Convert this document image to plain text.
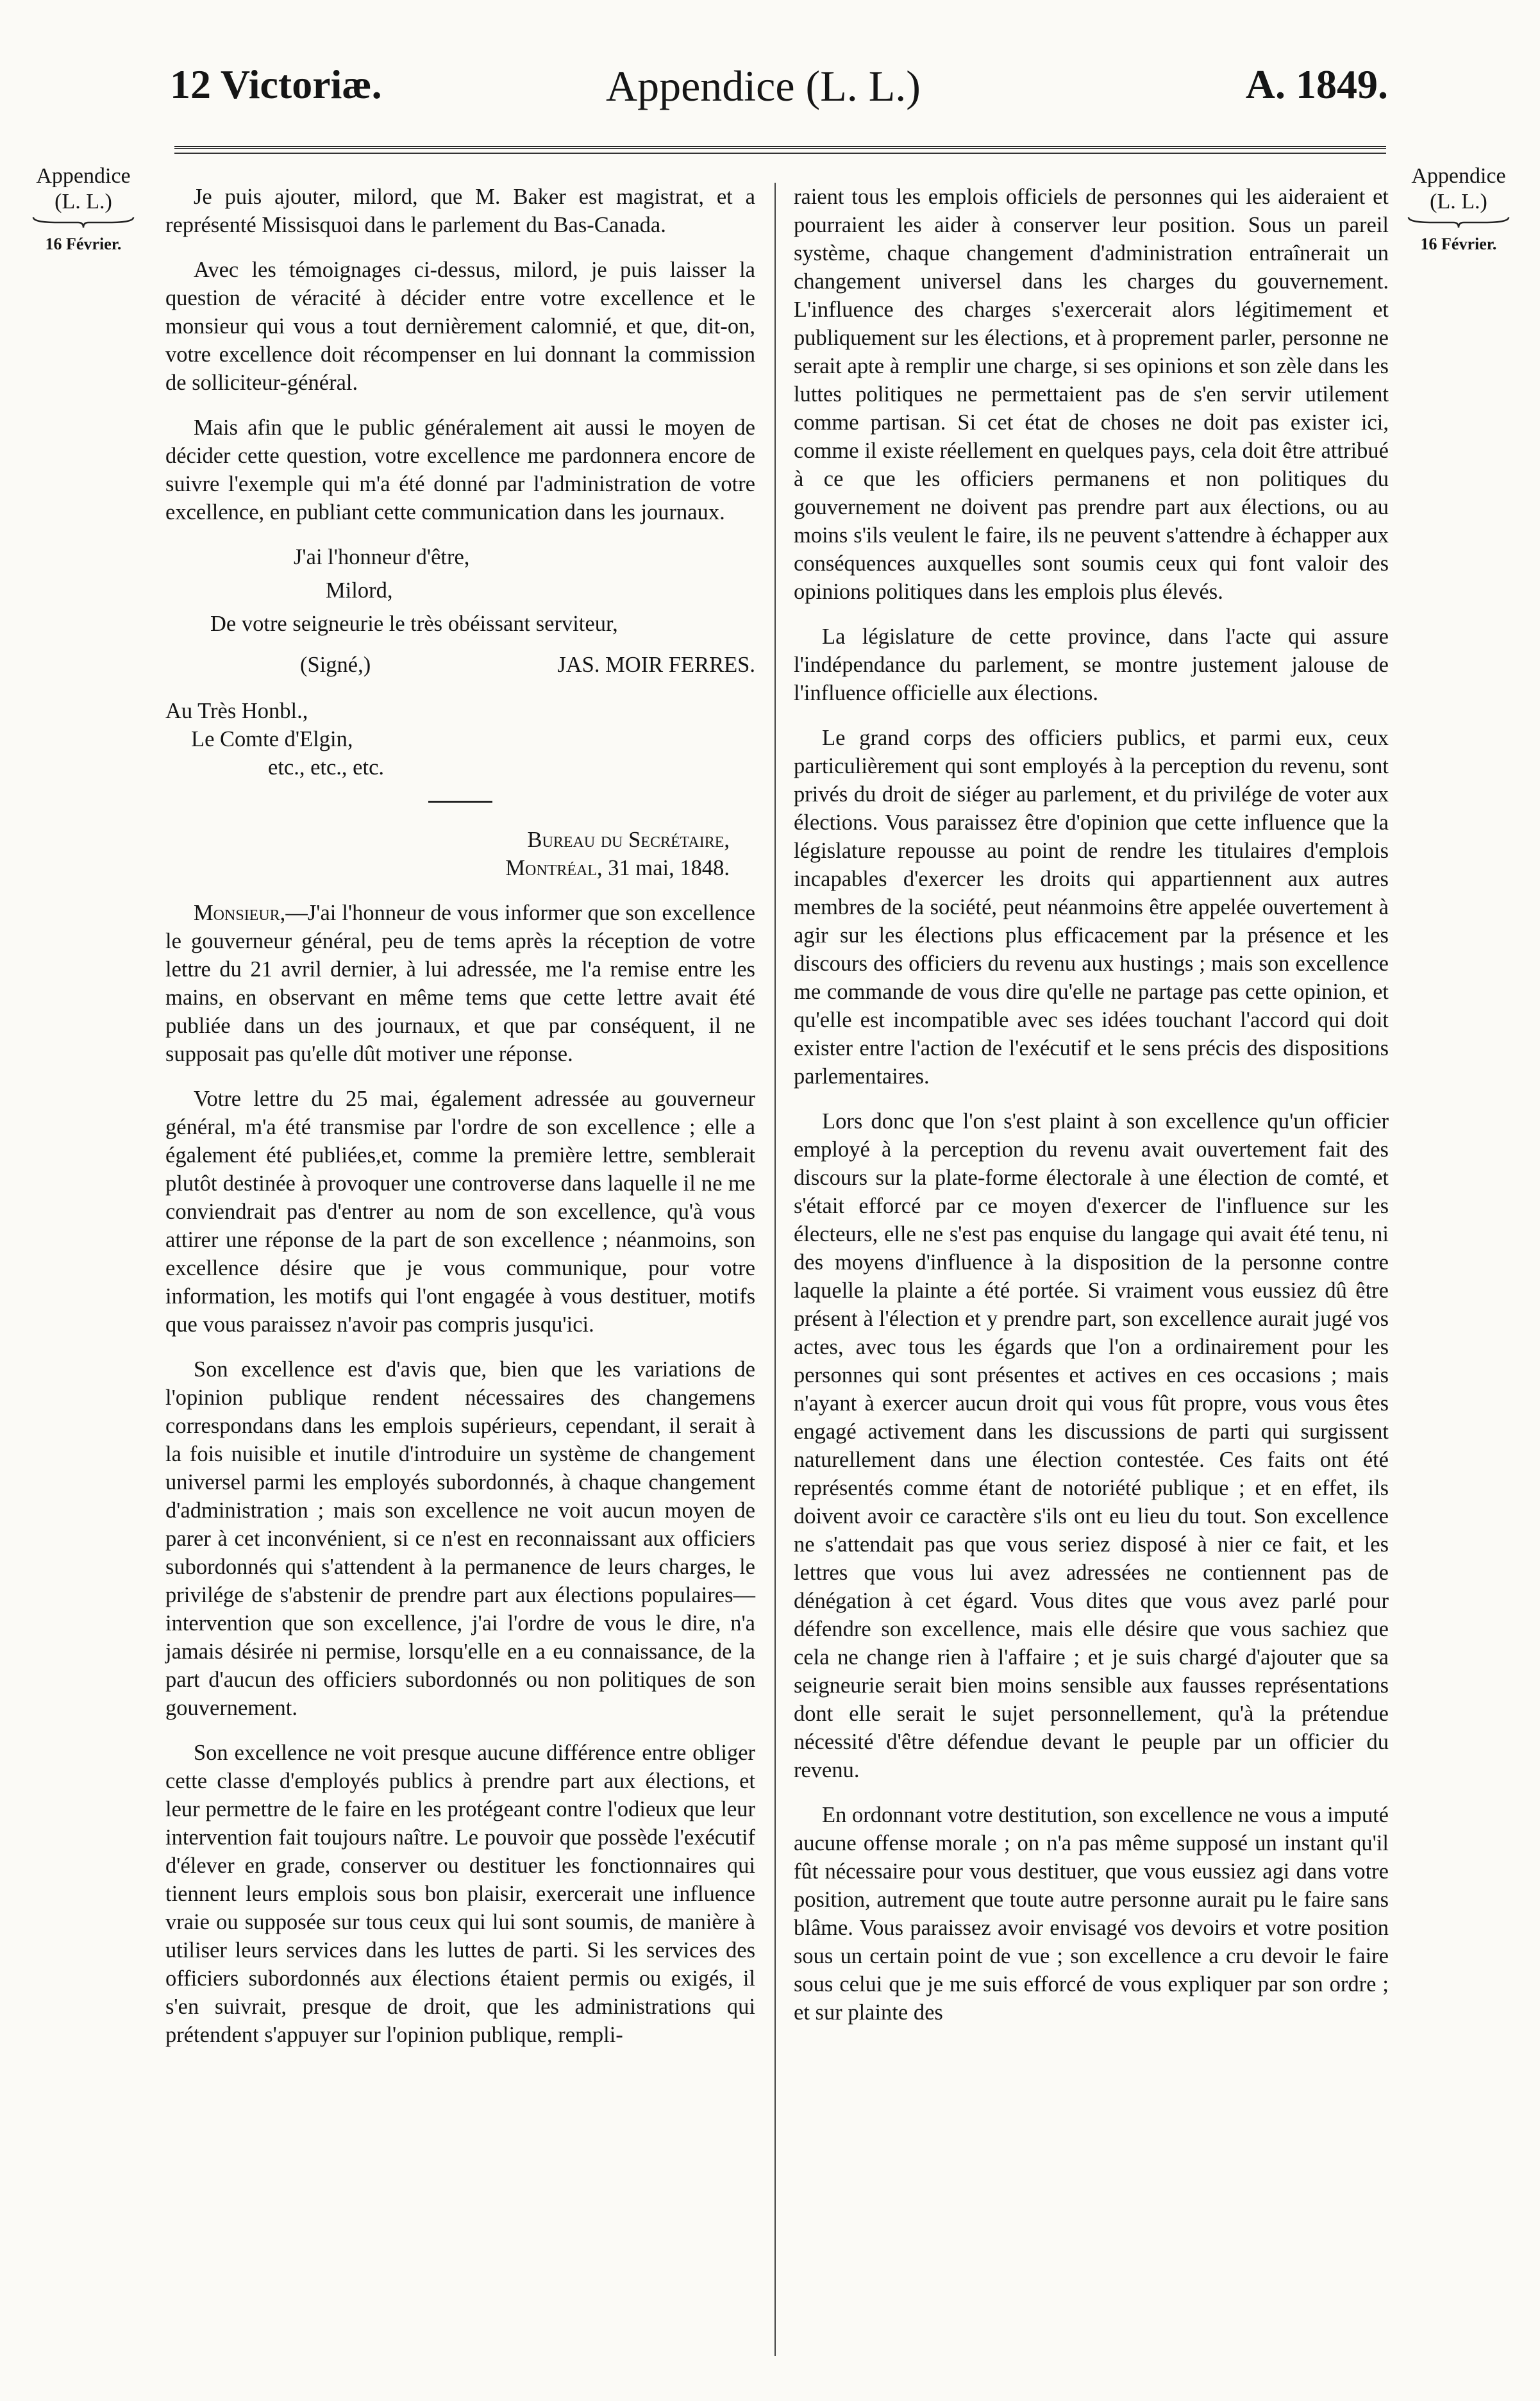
12 Victoriæ.	Appendice (L. L.)	A. 1849.
Appendice
(L. L.)
16 Février.
Appendice
(L. L.)
16 Février.

Je puis ajouter, milord, que M. Baker est magistrat, et a représenté Missisquoi dans le parlement du Bas-Canada.

Avec les témoignages ci-dessus, milord, je puis laisser la question de véracité à décider entre votre excellence et le monsieur qui vous a tout dernièrement calomnié, et que, dit-on, votre excellence doit récompenser en lui donnant la commission de solliciteur-général.

Mais afin que le public généralement ait aussi le moyen de décider cette question, votre excellence me pardonnera encore de suivre l'exemple qui m'a été donné par l'administration de votre excellence, en publiant cette communication dans les journaux.

J'ai l'honneur d'être,

Milord,

De votre seigneurie le très obéissant serviteur,

(Signé,)	JAS. MOIR FERRES.

Au Très Honbl.,

Le Comte d'Elgin,

etc., etc., etc.

Bureau du Secrétaire,
Montréal, 31 mai, 1848.

Monsieur,—J'ai l'honneur de vous informer que son excellence le gouverneur général, peu de tems après la réception de votre lettre du 21 avril dernier, à lui adressée, me l'a remise entre les mains, en observant en même tems que cette lettre avait été publiée dans un des journaux, et que par conséquent, il ne supposait pas qu'elle dût motiver une réponse.

Votre lettre du 25 mai, également adressée au gouverneur général, m'a été transmise par l'ordre de son excellence ; elle a également été publiées,et, comme la première lettre, semblerait plutôt destinée à provoquer une controverse dans laquelle il ne me conviendrait pas d'entrer au nom de son excellence, qu'à vous attirer une réponse de la part de son excellence ; néanmoins, son excellence désire que je vous communique, pour votre information, les motifs qui l'ont engagée à vous destituer, motifs que vous paraissez n'avoir pas compris jusqu'ici.

Son excellence est d'avis que, bien que les variations de l'opinion publique rendent nécessaires des changemens correspondans dans les emplois supérieurs, cependant, il serait à la fois nuisible et inutile d'introduire un système de changement universel parmi les employés subordonnés, à chaque changement d'administration ; mais son excellence ne voit aucun moyen de parer à cet inconvénient, si ce n'est en reconnaissant aux officiers subordonnés qui s'attendent à la permanence de leurs charges, le privilége de s'abstenir de prendre part aux élections populaires—intervention que son excellence, j'ai l'ordre de vous le dire, n'a jamais désirée ni permise, lorsqu'elle en a eu connaissance, de la part d'aucun des officiers subordonnés ou non politiques de son gouvernement.

Son excellence ne voit presque aucune différence entre obliger cette classe d'employés publics à prendre part aux élections, et leur permettre de le faire en les protégeant contre l'odieux que leur intervention fait toujours naître. Le pouvoir que possède l'exécutif d'élever en grade, conserver ou destituer les fonctionnaires qui tiennent leurs emplois sous bon plaisir, exercerait une influence vraie ou supposée sur tous ceux qui lui sont soumis, de manière à utiliser leurs services dans les luttes de parti. Si les services des officiers subordonnés aux élections étaient permis ou exigés, il s'en suivrait, presque de droit, que les administrations qui prétendent s'appuyer sur l'opinion publique, rempli-

raient tous les emplois officiels de personnes qui les aideraient et pourraient les aider à conserver leur position. Sous un pareil système, chaque changement d'administration entraînerait un changement universel dans les charges du gouvernement. L'influence des charges s'exercerait alors légitimement et publiquement sur les élections, et à proprement parler, personne ne serait apte à remplir une charge, si ses opinions et son zèle dans les luttes politiques ne permettaient pas de s'en servir utilement comme partisan. Si cet état de choses ne doit pas exister ici, comme il existe réellement en quelques pays, cela doit être attribué à ce que les officiers permanens et non politiques du gouvernement ne doivent pas prendre part aux élections, ou au moins s'ils veulent le faire, ils ne peuvent s'attendre à échapper aux conséquences auxquelles sont soumis ceux qui font valoir des opinions politiques dans les emplois plus élevés.

La législature de cette province, dans l'acte qui assure l'indépendance du parlement, se montre justement jalouse de l'influence officielle aux élections.

Le grand corps des officiers publics, et parmi eux, ceux particulièrement qui sont employés à la perception du revenu, sont privés du droit de siéger au parlement, et du privilége de voter aux élections. Vous paraissez être d'opinion que cette influence que la législature repousse au point de rendre les titulaires d'emplois incapables d'exercer les droits qui appartiennent aux autres membres de la société, peut néanmoins être appelée ouvertement à agir sur les élections plus efficacement par la présence et les discours des officiers du revenu aux hustings ; mais son excellence me commande de vous dire qu'elle ne partage pas cette opinion, et qu'elle est incompatible avec ses idées touchant l'accord qui doit exister entre l'action de l'exécutif et le sens précis des dispositions parlementaires.

Lors donc que l'on s'est plaint à son excellence qu'un officier employé à la perception du revenu avait ouvertement fait des discours sur la plate-forme électorale à une élection de comté, et s'était efforcé par ce moyen d'exercer de l'influence sur les électeurs, elle ne s'est pas enquise du langage qui avait été tenu, ni des moyens d'influence à la disposition de la personne contre laquelle la plainte a été portée. Si vraiment vous eussiez dû être présent à l'élection et y prendre part, son excellence aurait jugé vos actes, avec tous les égards que l'on a ordinairement pour les personnes qui sont présentes et actives en ces occasions ; mais n'ayant à exercer aucun droit qui vous fût propre, vous vous êtes engagé activement dans les discussions de parti qui surgissent naturellement dans une élection contestée. Ces faits ont été représentés comme étant de notoriété publique ; et en effet, ils doivent avoir ce caractère s'ils ont eu lieu du tout. Son excellence ne s'attendait pas que vous seriez disposé à nier ce fait, et les lettres que vous lui avez adressées ne contiennent pas de dénégation à cet égard. Vous dites que vous avez parlé pour défendre son excellence, mais elle désire que vous sachiez que cela ne change rien à l'affaire ; et je suis chargé d'ajouter que sa seigneurie serait bien moins sensible aux fausses représentations dont elle serait le sujet personnellement, qu'à la prétendue nécessité d'être défendue devant le peuple par un officier du revenu.

En ordonnant votre destitution, son excellence ne vous a imputé aucune offense morale ; on n'a pas même supposé un instant qu'il fût nécessaire pour vous destituer, que vous eussiez agi dans votre position, autrement que toute autre personne aurait pu le faire sans blâme. Vous paraissez avoir envisagé vos devoirs et votre position sous un certain point de vue ; son excellence a cru devoir le faire sous celui que je me suis efforcé de vous expliquer par son ordre ; et sur plainte des
